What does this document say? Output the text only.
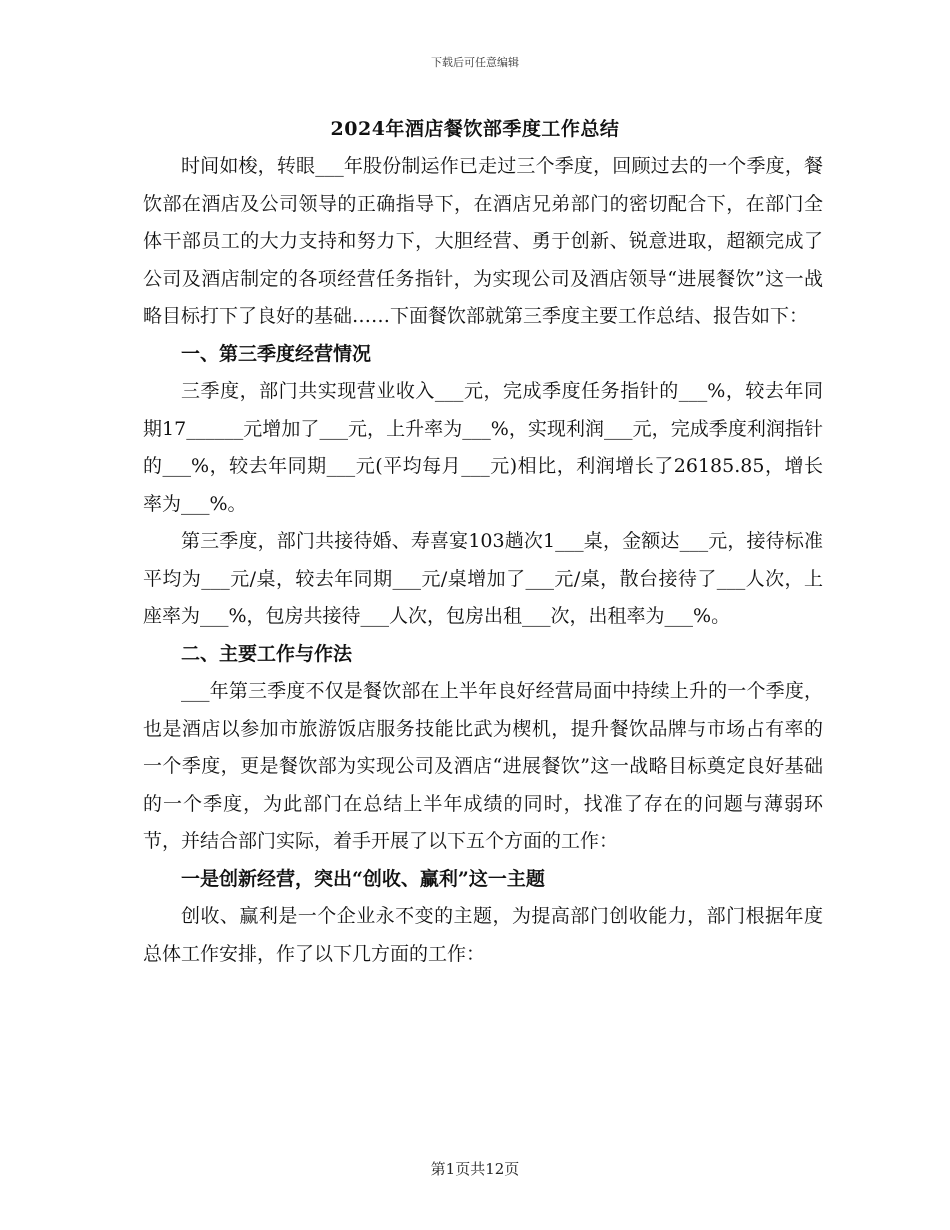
下载后可任意编辑
2024年酒店餐饮部季度工作总结

时间如梭，转眼___年股份制运作已走过三个季度，回顾过去的一个季度，餐饮部在酒店及公司领导的正确指导下，在酒店兄弟部门的密切配合下，在部门全体干部员工的大力支持和努力下，大胆经营、勇于创新、锐意进取，超额完成了公司及酒店制定的各项经营任务指针，为实现公司及酒店领导“进展餐饮”这一战略目标打下了良好的基础……下面餐饮部就第三季度主要工作总结、报告如下：

一、第三季度经营情况

三季度，部门共实现营业收入___元，完成季度任务指针的___%，较去年同期17______元增加了___元，上升率为___%，实现利润___元，完成季度利润指针的___%，较去年同期___元(平均每月___元)相比，利润增长了26185.85，增长率为___%。

第三季度，部门共接待婚、寿喜宴103趟次1___桌，金额达___元，接待标准平均为___元/桌，较去年同期___元/桌增加了___元/桌，散台接待了___人次，上座率为___%，包房共接待___人次，包房出租___次，出租率为___%。

二、主要工作与作法

___年第三季度不仅是餐饮部在上半年良好经营局面中持续上升的一个季度，也是酒店以参加市旅游饭店服务技能比武为楔机，提升餐饮品牌与市场占有率的一个季度，更是餐饮部为实现公司及酒店“进展餐饮”这一战略目标奠定良好基础的一个季度，为此部门在总结上半年成绩的同时，找准了存在的问题与薄弱环节，并结合部门实际，着手开展了以下五个方面的工作：

一是创新经营，突出“创收、赢利”这一主题

创收、赢利是一个企业永不变的主题，为提高部门创收能力，部门根据年度总体工作安排，作了以下几方面的工作：

第1页共12页
